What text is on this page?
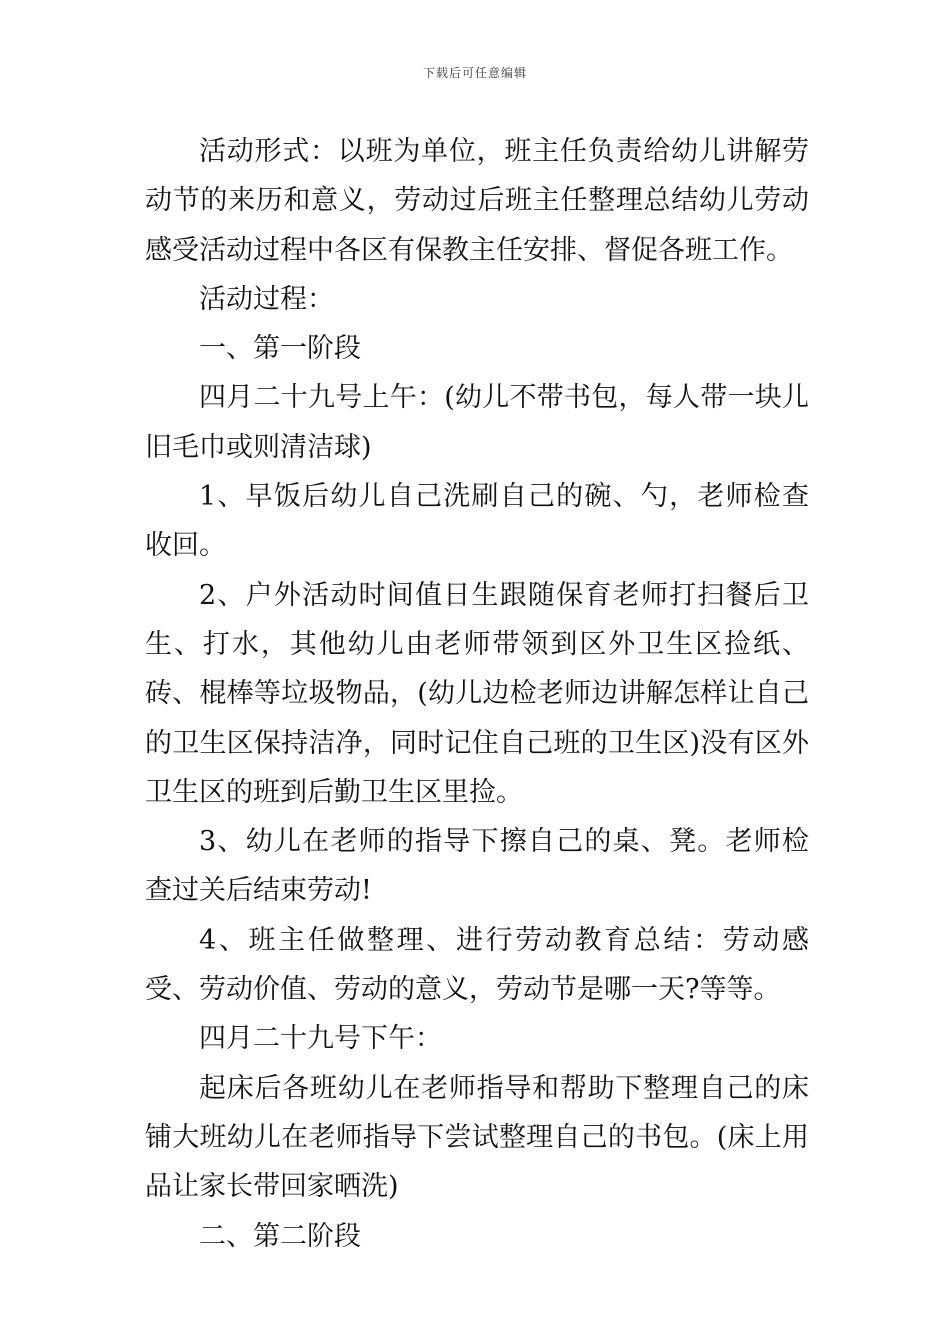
下载后可任意编辑

活动形式：以班为单位，班主任负责给幼儿讲解劳动节的来历和意义，劳动过后班主任整理总结幼儿劳动感受活动过程中各区有保教主任安排、督促各班工作。

活动过程：

一、第一阶段

四月二十九号上午：(幼儿不带书包，每人带一块儿旧毛巾或则清洁球)

1、早饭后幼儿自己洗刷自己的碗、勺，老师检查收回。

2、户外活动时间值日生跟随保育老师打扫餐后卫生、打水，其他幼儿由老师带领到区外卫生区捡纸、砖、棍棒等垃圾物品，(幼儿边检老师边讲解怎样让自己的卫生区保持洁净，同时记住自己班的卫生区)没有区外卫生区的班到后勤卫生区里捡。

3、幼儿在老师的指导下擦自己的桌、凳。老师检查过关后结束劳动!

4、班主任做整理、进行劳动教育总结：劳动感受、劳动价值、劳动的意义，劳动节是哪一天?等等。

四月二十九号下午：

起床后各班幼儿在老师指导和帮助下整理自己的床铺大班幼儿在老师指导下尝试整理自己的书包。(床上用品让家长带回家晒洗)

二、第二阶段
